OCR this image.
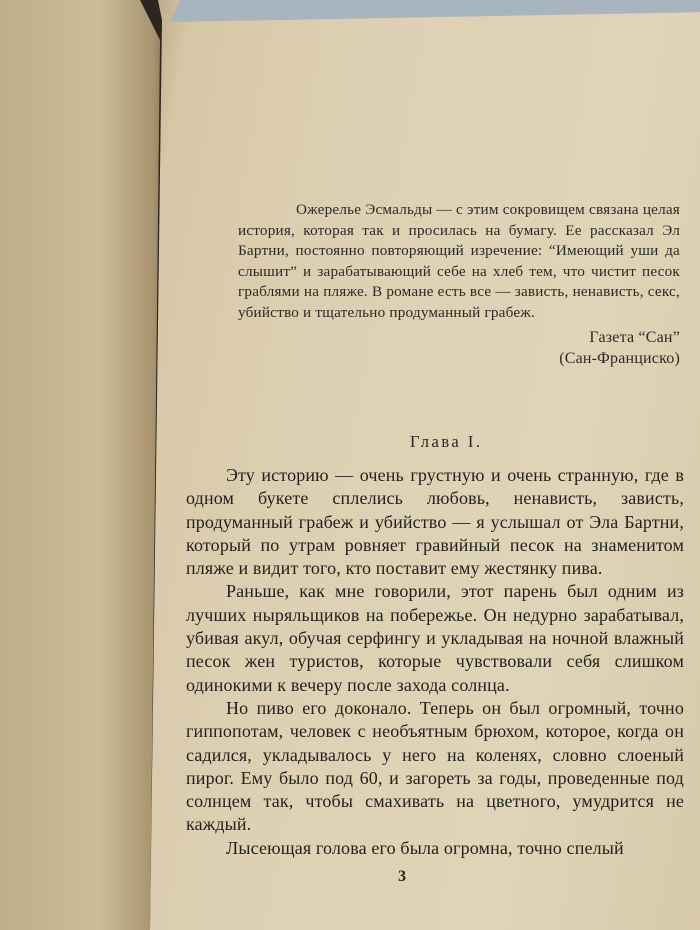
Ожерелье Эсмальды — с этим сокровищем связана целая история, которая так и просилась на бумагу. Ее рассказал Эл Бартни, постоянно повторяющий изречение: “Имеющий уши да слышит” и зарабатывающий себе на хлеб тем, что чистит песок граблями на пляже. В романе есть все — зависть, ненависть, секс, убийство и тщательно продуманный грабеж.

Газета “Сан”
(Сан-Франциско)
Глава I.

Эту историю — очень грустную и очень странную, где в одном букете сплелись любовь, ненависть, зависть, продуманный грабеж и убийство — я услышал от Эла Бартни, который по утрам ровняет гравийный песок на знаменитом пляже и видит того, кто поставит ему жестянку пива.

Раньше, как мне говорили, этот парень был одним из лучших ныряльщиков на побережье. Он недурно зарабатывал, убивая акул, обучая серфингу и укладывая на ночной влажный песок жен туристов, которые чувствовали себя слишком одинокими к вечеру после захода солнца.

Но пиво его доконало. Теперь он был огромный, точно гиппопотам, человек с необъятным брюхом, которое, когда он садился, укладывалось у него на коленях, словно слоеный пирог. Ему было под 60, и загореть за годы, проведенные под солнцем так, чтобы смахивать на цветного, умудрится не каждый.

Лысеющая голова его была огромна, точно спелый

3
